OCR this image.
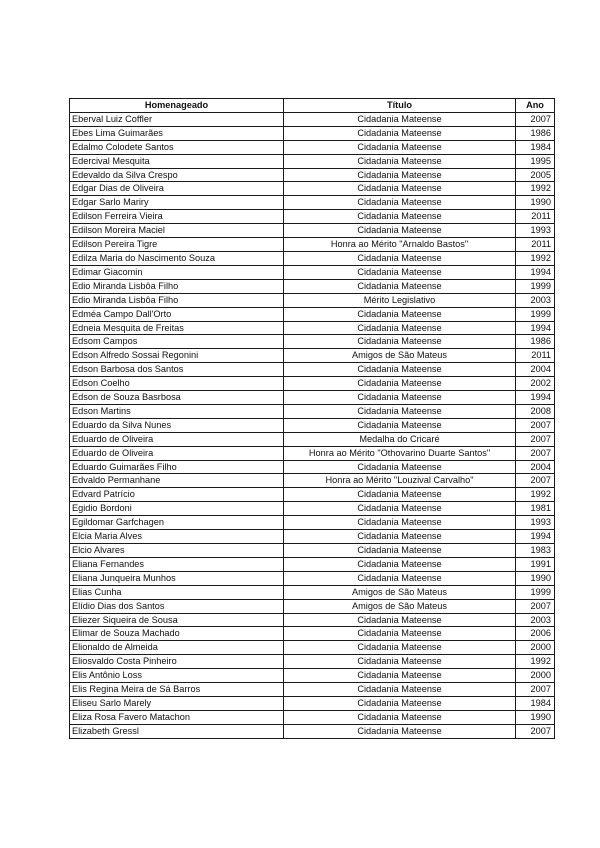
Homenageado	Título	Ano
Eberval Luiz Coffler	Cidadania Mateense	2007
Ebes Lima Guimarães	Cidadania Mateense	1986
Edalmo Colodete Santos	Cidadania Mateense	1984
Edercival Mesquita	Cidadania Mateense	1995
Edevaldo da Silva Crespo	Cidadania Mateense	2005
Edgar Dias de Oliveira	Cidadania Mateense	1992
Edgar Sarlo Mariry	Cidadania Mateense	1990
Edilson Ferreira Vieira	Cidadania Mateense	2011
Edilson Moreira Maciel	Cidadania Mateense	1993
Edilson Pereira Tigre	Honra ao Mérito "Arnaldo Bastos"	2011
Edilza Maria do Nascimento Souza	Cidadania Mateense	1992
Edimar Giacomin	Cidadania Mateense	1994
Edio Miranda Lisbôa Filho	Cidadania Mateense	1999
Edio Miranda Lisbôa Filho	Mérito Legislativo	2003
Edméa Campo Dall'Orto	Cidadania Mateense	1999
Edneia Mesquita de Freitas	Cidadania Mateense	1994
Edsom Campos	Cidadania Mateense	1986
Edson Alfredo Sossai Regonini	Amigos de São Mateus	2011
Edson Barbosa dos Santos	Cidadania Mateense	2004
Edson Coelho	Cidadania Mateense	2002
Edson de Souza Basrbosa	Cidadania Mateense	1994
Edson Martins	Cidadania Mateense	2008
Eduardo da Silva Nunes	Cidadania Mateense	2007
Eduardo de Oliveira	Medalha do Cricaré	2007
Eduardo de Oliveira	Honra ao Mérito "Othovarino Duarte Santos"	2007
Eduardo Guimarães Filho	Cidadania Mateense	2004
Edvaldo Permanhane	Honra ao Mérito "Louzival Carvalho"	2007
Edvard Patrício	Cidadania Mateense	1992
Egidio Bordoni	Cidadania Mateense	1981
Egildomar Garfchagen	Cidadania Mateense	1993
Elcia Maria Alves	Cidadania Mateense	1994
Elcio Alvares	Cidadania Mateense	1983
Eliana Fernandes	Cidadania Mateense	1991
Eliana Junqueira Munhos	Cidadania Mateense	1990
Elias Cunha	Amigos de São Mateus	1999
Elídio Dias dos Santos	Amigos de São Mateus	2007
Eliezer Siqueira de Sousa	Cidadania Mateense	2003
Elimar de Souza Machado	Cidadania Mateense	2006
Elionaldo de Almeida	Cidadania Mateense	2000
Eliosvaldo Costa Pinheiro	Cidadania Mateense	1992
Elis Antônio Loss	Cidadania Mateense	2000
Elis Regina Meira de Sá Barros	Cidadania Mateense	2007
Eliseu Sarlo Marely	Cidadania Mateense	1984
Eliza Rosa Favero Matachon	Cidadania Mateense	1990
Elizabeth Gressl	Cidadania Mateense	2007
